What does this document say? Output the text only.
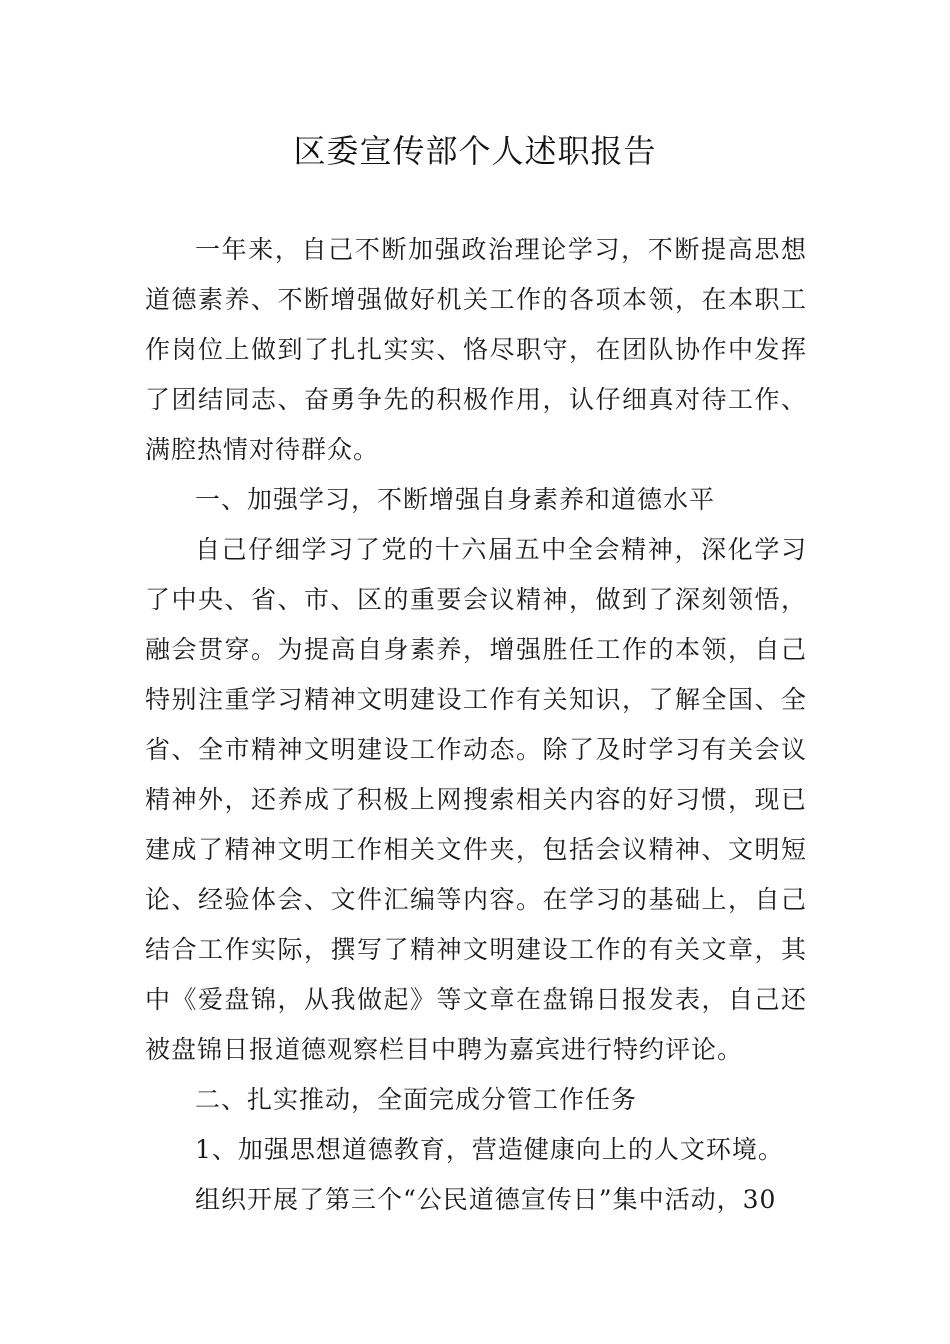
区委宣传部个人述职报告

一年来，自己不断加强政治理论学习，不断提高思想道德素养、不断增强做好机关工作的各项本领，在本职工作岗位上做到了扎扎实实、恪尽职守，在团队协作中发挥了团结同志、奋勇争先的积极作用，认仔细真对待工作、满腔热情对待群众。

一、加强学习，不断增强自身素养和道德水平

自己仔细学习了党的十六届五中全会精神，深化学习了中央、省、市、区的重要会议精神，做到了深刻领悟，融会贯穿。为提高自身素养，增强胜任工作的本领，自己特别注重学习精神文明建设工作有关知识，了解全国、全省、全市精神文明建设工作动态。除了及时学习有关会议精神外，还养成了积极上网搜索相关内容的好习惯，现已建成了精神文明工作相关文件夹，包括会议精神、文明短论、经验体会、文件汇编等内容。在学习的基础上，自己结合工作实际，撰写了精神文明建设工作的有关文章，其中《爱盘锦，从我做起》等文章在盘锦日报发表，自己还被盘锦日报道德观察栏目中聘为嘉宾进行特约评论。

二、扎实推动，全面完成分管工作任务

1、加强思想道德教育，营造健康向上的人文环境。

组织开展了第三个“公民道德宣传日”集中活动，30
